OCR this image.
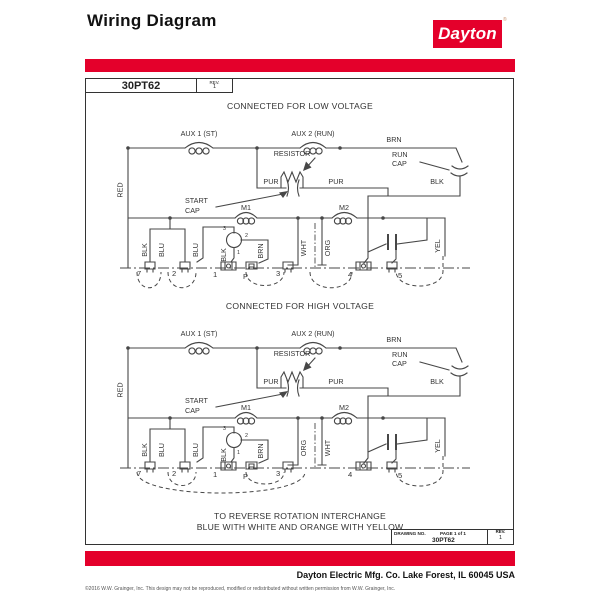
Wiring Diagram
Dayton
®
30PT62	REV.
1
CONNECTED FOR LOW VOLTAGE
3
2
1
7	2	1	P	3	4	5
AUX 1 (ST)	AUX 2 (RUN)
BRN
RESISTOR	RUN
CAP
PUR	PUR	BLK
START
CAP	M1	M2
RED
BLK BLU	BLU	BLK	BRN	WHT ORG	YEL
CONNECTED FOR HIGH VOLTAGE
3
2
1
7	2	1	P	3	4	5
AUX 1 (ST)	AUX 2 (RUN)
BRN
RESISTOR	RUN
CAP
PUR	PUR	BLK
START
CAP	M1	M2
RED
BLK BLU	BLU	BLK	BRN	ORG WHT	YEL
TO REVERSE ROTATION INTERCHANGE
BLUE WITH WHITE AND ORANGE WITH YELLOW
DRAWING NO.	PAGE 1 of 1
30PT62
REV.
1
Dayton Electric Mfg. Co. Lake Forest, IL 60045 USA
©2016 W.W. Grainger, Inc. This design may not be reproduced, modified or redistributed without written permission from W.W. Grainger, Inc.
